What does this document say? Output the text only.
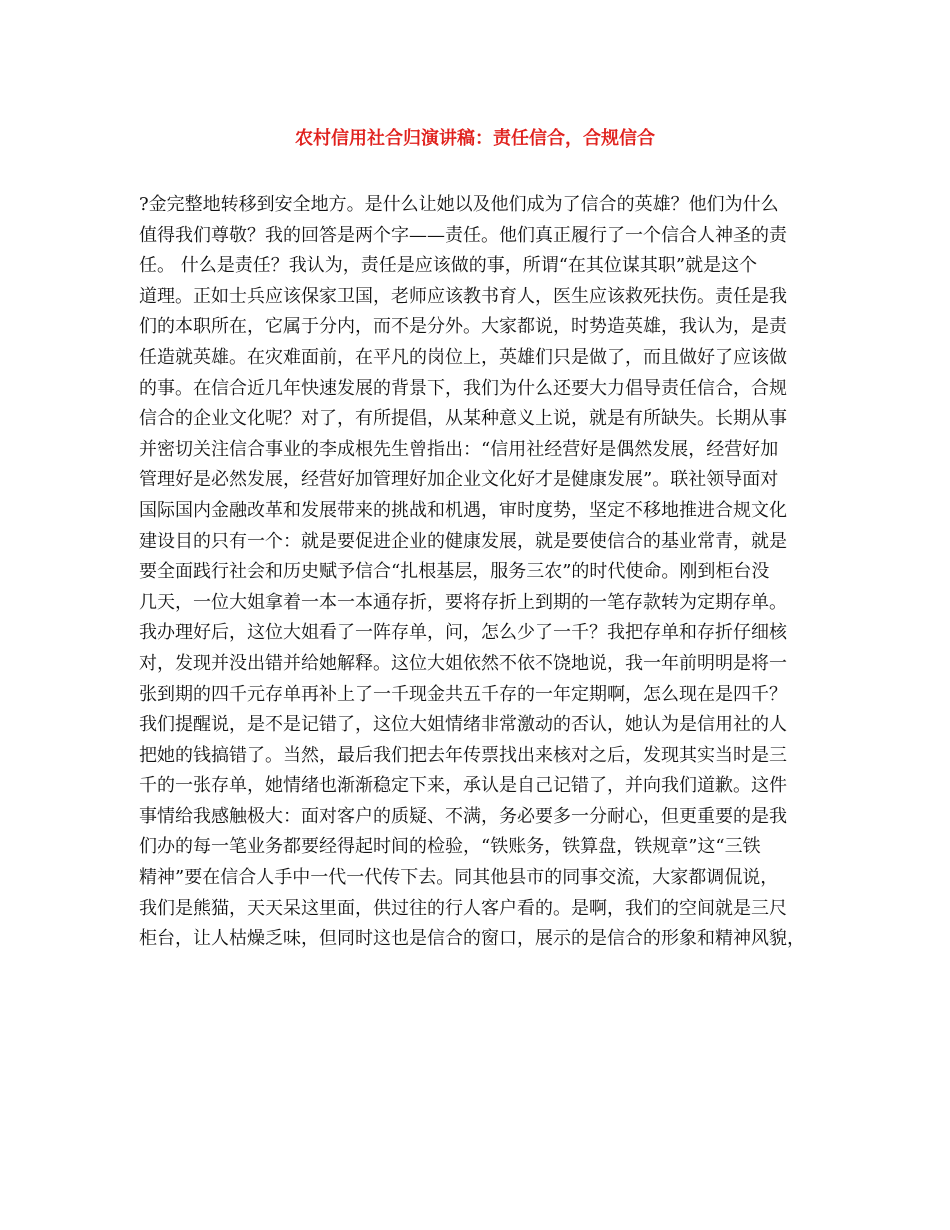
农村信用社合归演讲稿：责任信合，合规信合
?金完整地转移到安全地方。是什么让她以及他们成为了信合的英雄？他们为什么
值得我们尊敬？我的回答是两个字——责任。他们真正履行了一个信合人神圣的责
任。 什么是责任？我认为，责任是应该做的事，所谓“在其位谋其职”就是这个
道理。正如士兵应该保家卫国，老师应该教书育人，医生应该救死扶伤。责任是我
们的本职所在，它属于分内，而不是分外。大家都说，时势造英雄，我认为，是责
任造就英雄。在灾难面前，在平凡的岗位上，英雄们只是做了，而且做好了应该做
的事。在信合近几年快速发展的背景下，我们为什么还要大力倡导责任信合，合规
信合的企业文化呢？对了，有所提倡，从某种意义上说，就是有所缺失。长期从事
并密切关注信合事业的李成根先生曾指出：“信用社经营好是偶然发展，经营好加
管理好是必然发展，经营好加管理好加企业文化好才是健康发展”。联社领导面对
国际国内金融改革和发展带来的挑战和机遇，审时度势，坚定不移地推进合规文化
建设目的只有一个：就是要促进企业的健康发展，就是要使信合的基业常青，就是
要全面践行社会和历史赋予信合“扎根基层，服务三农”的时代使命。刚到柜台没
几天，一位大姐拿着一本一本通存折，要将存折上到期的一笔存款转为定期存单。
我办理好后，这位大姐看了一阵存单，问，怎么少了一千？我把存单和存折仔细核
对，发现并没出错并给她解释。这位大姐依然不依不饶地说，我一年前明明是将一
张到期的四千元存单再补上了一千现金共五千存的一年定期啊，怎么现在是四千？
我们提醒说，是不是记错了，这位大姐情绪非常激动的否认，她认为是信用社的人
把她的钱搞错了。当然，最后我们把去年传票找出来核对之后，发现其实当时是三
千的一张存单，她情绪也渐渐稳定下来，承认是自己记错了，并向我们道歉。这件
事情给我感触极大：面对客户的质疑、不满，务必要多一分耐心，但更重要的是我
们办的每一笔业务都要经得起时间的检验，“铁账务，铁算盘，铁规章”这“三铁
精神”要在信合人手中一代一代传下去。同其他县市的同事交流，大家都调侃说，
我们是熊猫，天天呆这里面，供过往的行人客户看的。是啊，我们的空间就是三尺
柜台，让人枯燥乏味，但同时这也是信合的窗口，展示的是信合的形象和精神风貌，
